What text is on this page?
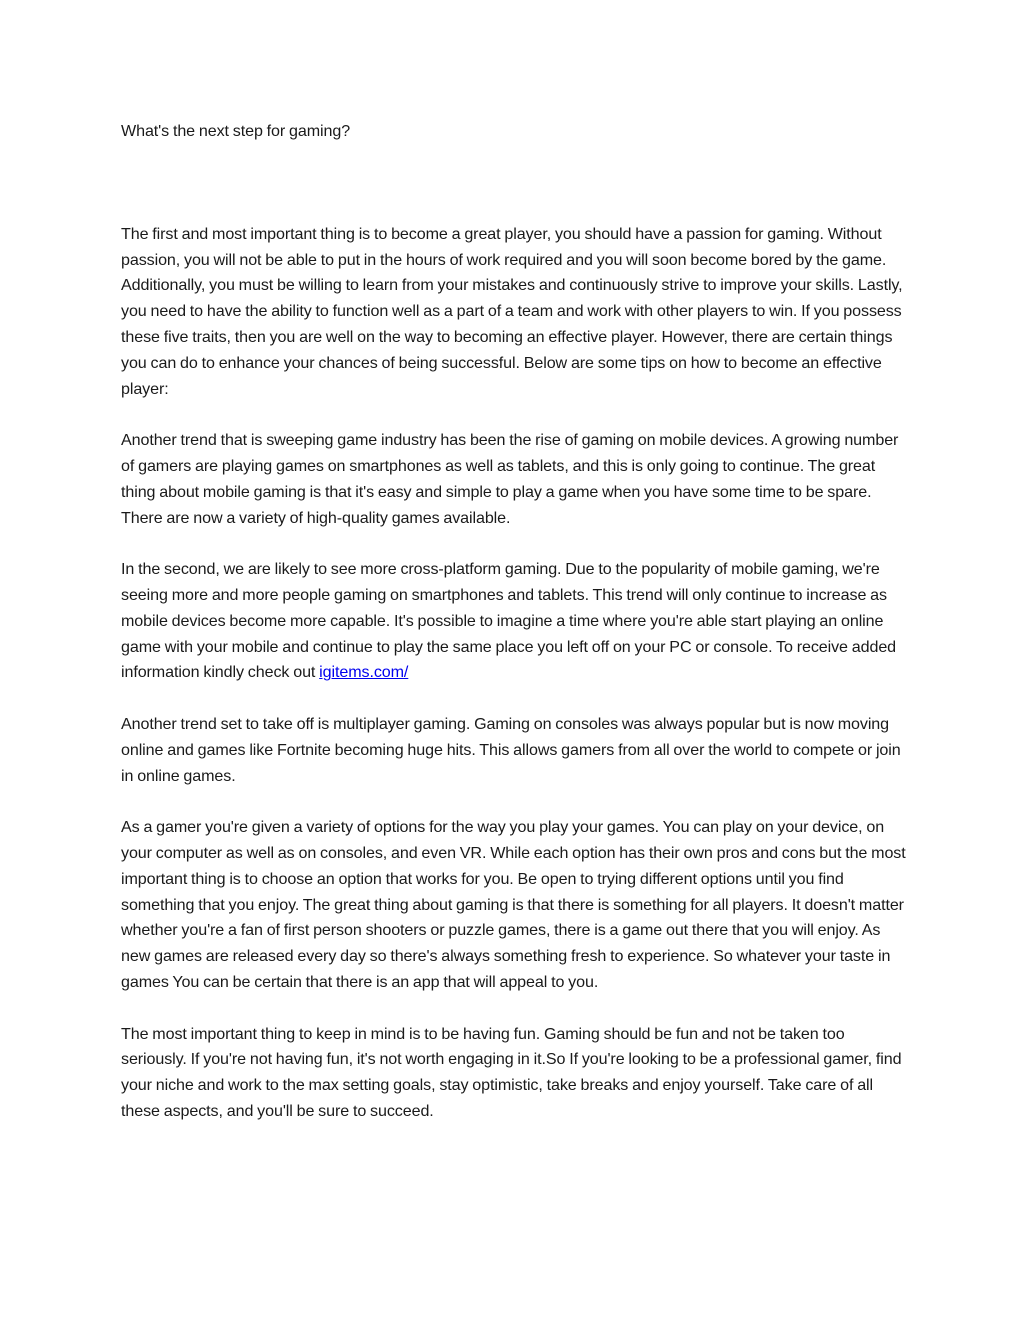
What's the next step for gaming?

The first and most important thing is to become a great player, you should have a passion for gaming. Without passion, you will not be able to put in the hours of work required and you will soon become bored by the game. Additionally, you must be willing to learn from your mistakes and continuously strive to improve your skills. Lastly, you need to have the ability to function well as a part of a team and work with other players to win. If you possess these five traits, then you are well on the way to becoming an effective player. However, there are certain things you can do to enhance your chances of being successful. Below are some tips on how to become an effective player:

Another trend that is sweeping game industry has been the rise of gaming on mobile devices. A growing number of gamers are playing games on smartphones as well as tablets, and this is only going to continue. The great thing about mobile gaming is that it's easy and simple to play a game when you have some time to be spare. There are now a variety of high-quality games available.

In the second, we are likely to see more cross-platform gaming. Due to the popularity of mobile gaming, we're seeing more and more people gaming on smartphones and tablets. This trend will only continue to increase as mobile devices become more capable. It's possible to imagine a time where you're able start playing an online game with your mobile and continue to play the same place you left off on your PC or console. To receive added information kindly check out igitems.com/

Another trend set to take off is multiplayer gaming. Gaming on consoles was always popular but is now moving online and games like Fortnite becoming huge hits. This allows gamers from all over the world to compete or join in online games.

As a gamer you're given a variety of options for the way you play your games. You can play on your device, on your computer as well as on consoles, and even VR. While each option has their own pros and cons but the most important thing is to choose an option that works for you. Be open to trying different options until you find something that you enjoy. The great thing about gaming is that there is something for all players. It doesn't matter whether you're a fan of first person shooters or puzzle games, there is a game out there that you will enjoy. As new games are released every day so there's always something fresh to experience. So whatever your taste in games You can be certain that there is an app that will appeal to you.

The most important thing to keep in mind is to be having fun. Gaming should be fun and not be taken too seriously. If you're not having fun, it's not worth engaging in it.So If you're looking to be a professional gamer, find your niche and work to the max setting goals, stay optimistic, take breaks and enjoy yourself. Take care of all these aspects, and you'll be sure to succeed.
